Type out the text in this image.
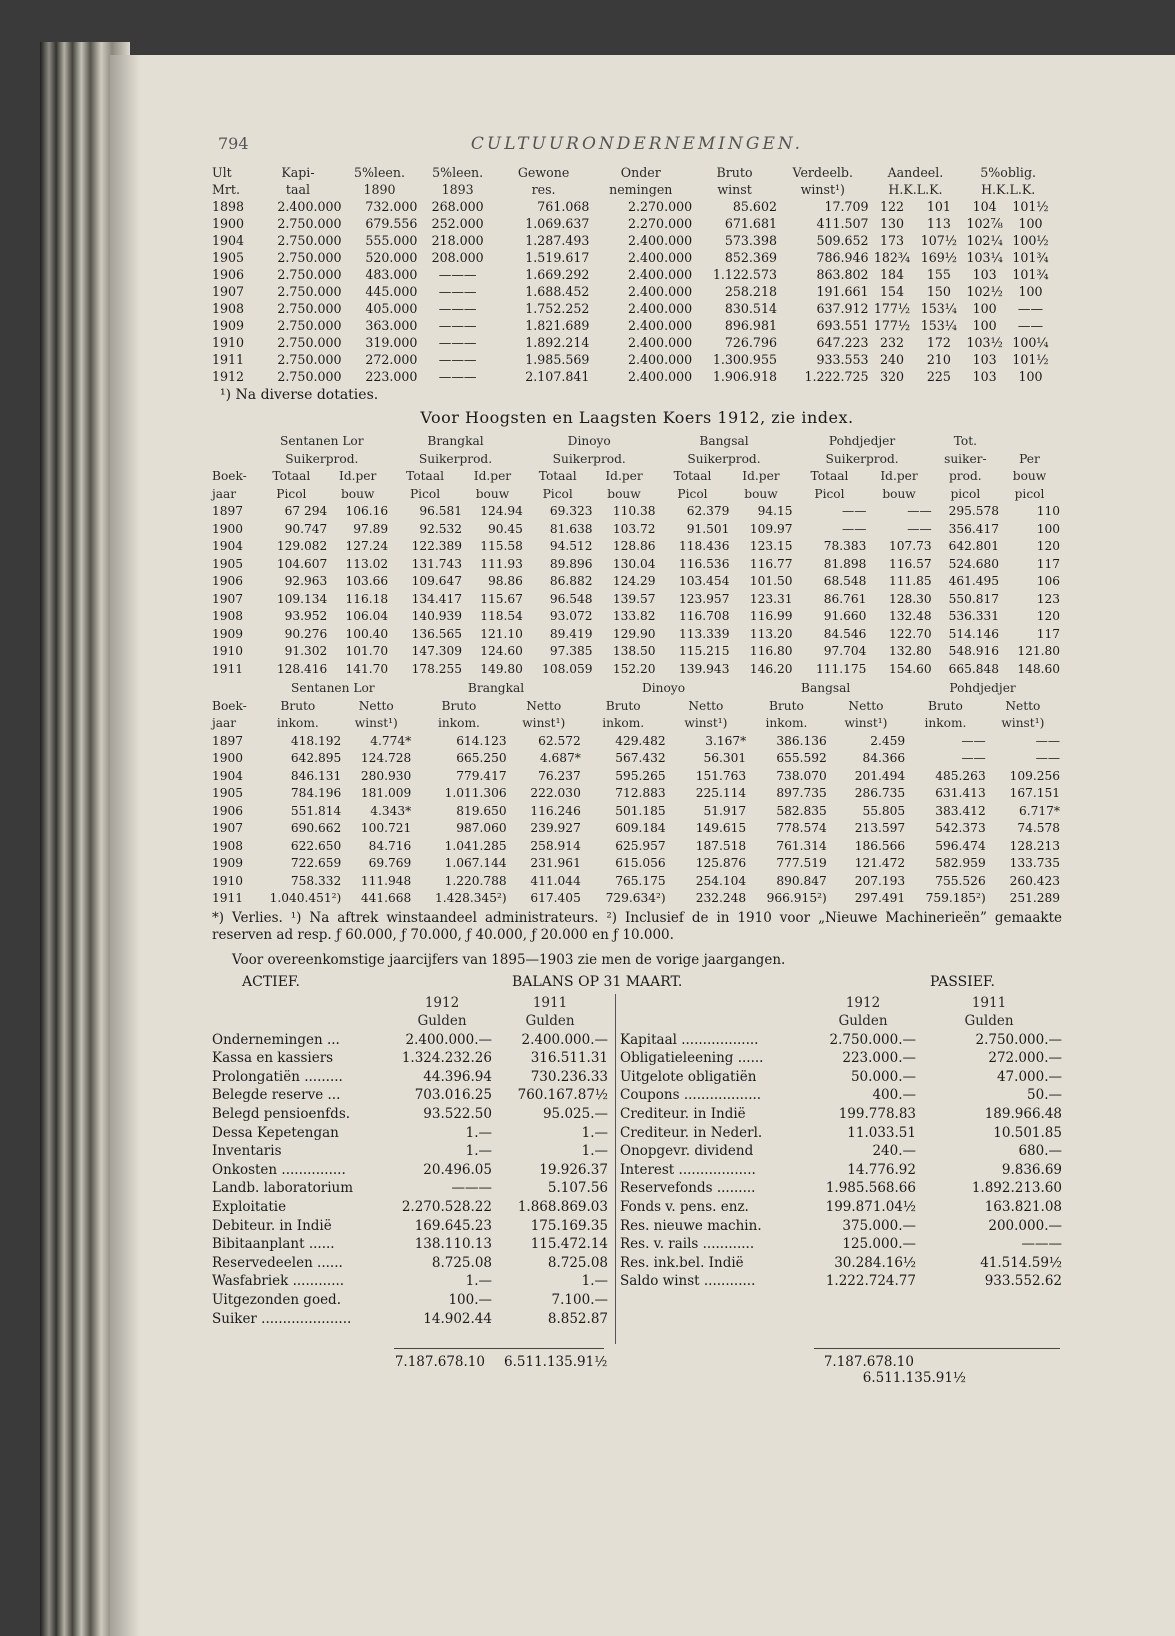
794	CULTUURONDERNEMINGEN.
Ult	Kapi-	5%leen.	5%leen.	Gewone	Onder	Bruto	Verdeelb.	Aandeel.		5%oblig.	
Mrt.	taal	1890	1893	res.	nemingen	winst	winst¹)	H.K.L.K.		H.K.L.K.	
1898	2.400.000	732.000	268.000	761.068	2.270.000	85.602	17.709	122	101	104	101½
1900	2.750.000	679.556	252.000	1.069.637	2.270.000	671.681	411.507	130	113	102⅞	100
1904	2.750.000	555.000	218.000	1.287.493	2.400.000	573.398	509.652	173	107½	102¼	100½
1905	2.750.000	520.000	208.000	1.519.617	2.400.000	852.369	786.946	182¾	169½	103¼	101¾
1906	2.750.000	483.000	———	1.669.292	2.400.000	1.122.573	863.802	184	155	103	101¾
1907	2.750.000	445.000	———	1.688.452	2.400.000	258.218	191.661	154	150	102½	100
1908	2.750.000	405.000	———	1.752.252	2.400.000	830.514	637.912	177½	153¼	100	——
1909	2.750.000	363.000	———	1.821.689	2.400.000	896.981	693.551	177½	153¼	100	——
1910	2.750.000	319.000	———	1.892.214	2.400.000	726.796	647.223	232	172	103½	100¼
1911	2.750.000	272.000	———	1.985.569	2.400.000	1.300.955	933.553	240	210	103	101½
1912	2.750.000	223.000	———	2.107.841	2.400.000	1.906.918	1.222.725	320	225	103	100
¹) Na diverse dotaties.
Voor Hoogsten en Laagsten Koers 1912, zie index.
	Sentanen Lor		Brangkal		Dinoyo		Bangsal		Pohdjedjer		Tot.	
	Suikerprod.		Suikerprod.		Suikerprod.		Suikerprod.		Suikerprod.		suiker-	Per
Boek-	Totaal	Id.per	Totaal	Id.per	Totaal	Id.per	Totaal	Id.per	Totaal	Id.per	prod.	bouw
jaar	Picol	bouw	Picol	bouw	Picol	bouw	Picol	bouw	Picol	bouw	picol	picol
1897	67 294	106.16	96.581	124.94	69.323	110.38	62.379	94.15	——	——	295.578	110
1900	90.747	97.89	92.532	90.45	81.638	103.72	91.501	109.97	——	——	356.417	100
1904	129.082	127.24	122.389	115.58	94.512	128.86	118.436	123.15	78.383	107.73	642.801	120
1905	104.607	113.02	131.743	111.93	89.896	130.04	116.536	116.77	81.898	116.57	524.680	117
1906	92.963	103.66	109.647	98.86	86.882	124.29	103.454	101.50	68.548	111.85	461.495	106
1907	109.134	116.18	134.417	115.67	96.548	139.57	123.957	123.31	86.761	128.30	550.817	123
1908	93.952	106.04	140.939	118.54	93.072	133.82	116.708	116.99	91.660	132.48	536.331	120
1909	90.276	100.40	136.565	121.10	89.419	129.90	113.339	113.20	84.546	122.70	514.146	117
1910	91.302	101.70	147.309	124.60	97.385	138.50	115.215	116.80	97.704	132.80	548.916	121.80
1911	128.416	141.70	178.255	149.80	108.059	152.20	139.943	146.20	111.175	154.60	665.848	148.60
	Sentanen Lor		Brangkal		Dinoyo		Bangsal		Pohdjedjer	
Boek-	Bruto	Netto	Bruto	Netto	Bruto	Netto	Bruto	Netto	Bruto	Netto
jaar	inkom.	winst¹)	inkom.	winst¹)	inkom.	winst¹)	inkom.	winst¹)	inkom.	winst¹)
1897	418.192	4.774*	614.123	62.572	429.482	3.167*	386.136	2.459	——	——
1900	642.895	124.728	665.250	4.687*	567.432	56.301	655.592	84.366	——	——
1904	846.131	280.930	779.417	76.237	595.265	151.763	738.070	201.494	485.263	109.256
1905	784.196	181.009	1.011.306	222.030	712.883	225.114	897.735	286.735	631.413	167.151
1906	551.814	4.343*	819.650	116.246	501.185	51.917	582.835	55.805	383.412	6.717*
1907	690.662	100.721	987.060	239.927	609.184	149.615	778.574	213.597	542.373	74.578
1908	622.650	84.716	1.041.285	258.914	625.957	187.518	761.314	186.566	596.474	128.213
1909	722.659	69.769	1.067.144	231.961	615.056	125.876	777.519	121.472	582.959	133.735
1910	758.332	111.948	1.220.788	411.044	765.175	254.104	890.847	207.193	755.526	260.423
1911	1.040.451²)	441.668	1.428.345²)	617.405	729.634²)	232.248	966.915²)	297.491	759.185²)	251.289
*) Verlies. ¹) Na aftrek winstaandeel administrateurs. ²) Inclusief de in 1910 voor „Nieuwe Machinerieën” gemaakte reserven ad resp. ƒ 60.000, ƒ 70.000, ƒ 40.000, ƒ 20.000 en ƒ 10.000.
Voor overeenkomstige jaarcijfers van 1895—1903 zie men de vorige jaargangen.
ACTIEF.	BALANS OP 31 MAART.	PASSIEF.
	1912	1911
	Gulden	Gulden
Ondernemingen ...	2.400.000.—	2.400.000.—
Kassa en kassiers	1.324.232.26	316.511.31
Prolongatiën .........	44.396.94	730.236.33
Belegde reserve ...	703.016.25	760.167.87½
Belegd pensioenfds.	93.522.50	95.025.—
Dessa Kepetengan	1.—	1.—
Inventaris	1.—	1.—
Onkosten ...............	20.496.05	19.926.37
Landb. laboratorium	———	5.107.56
Exploitatie	2.270.528.22	1.868.869.03
Debiteur. in Indië	169.645.23	175.169.35
Bibitaanplant ......	138.110.13	115.472.14
Reservedeelen ......	8.725.08	8.725.08
Wasfabriek ............	1.—	1.—
Uitgezonden goed.	100.—	7.100.—
Suiker .....................	14.902.44	8.852.87
	1912	1911
	Gulden	Gulden
Kapitaal ..................	2.750.000.—	2.750.000.—
Obligatieleening ......	223.000.—	272.000.—
Uitgelote obligatiën	50.000.—	47.000.—
Coupons ..................	400.—	50.—
Crediteur. in Indië	199.778.83	189.966.48
Crediteur. in Nederl.	11.033.51	10.501.85
Onopgevr. dividend	240.—	680.—
Interest ..................	14.776.92	9.836.69
Reservefonds .........	1.985.568.66	1.892.213.60
Fonds v. pens. enz.	199.871.04½	163.821.08
Res. nieuwe machin.	375.000.—	200.000.—
Res. v. rails ............	125.000.—	———
Res. ink.bel. Indië	30.284.16½	41.514.59½
Saldo winst ............	1.222.724.77	933.552.62
7.187.678.10 6.511.135.91½	7.187.678.10 6.511.135.91½
